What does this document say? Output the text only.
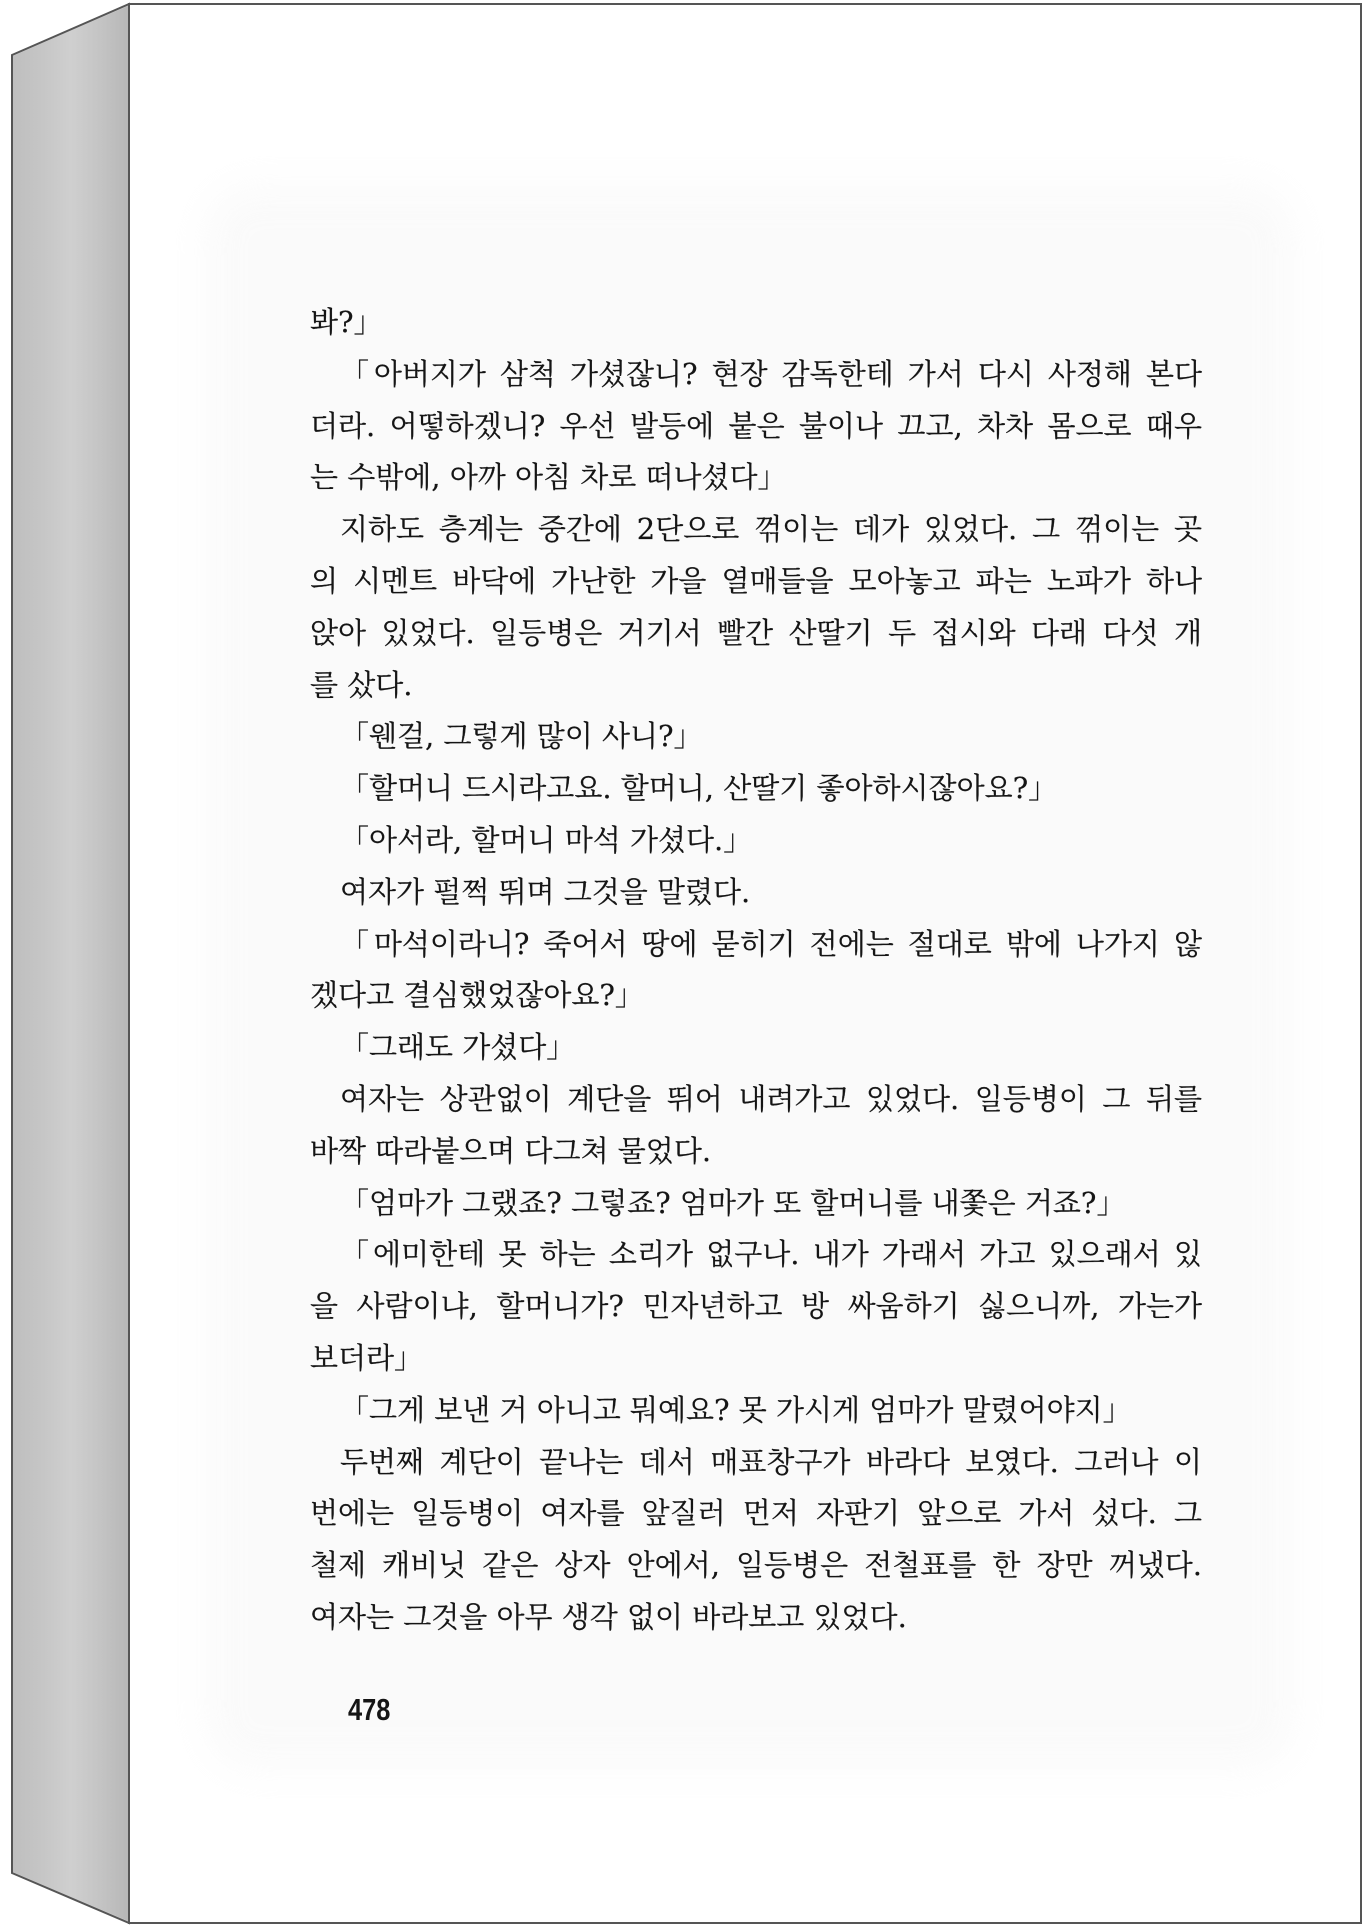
봐?」
「아버지가 삼척 가셨잖니? 현장 감독한테 가서 다시 사정해 본다
더라. 어떻하겠니? 우선 발등에 붙은 불이나 끄고, 차차 몸으로 때우
는 수밖에, 아까 아침 차로 떠나셨다」
지하도 층계는 중간에 2단으로 꺾이는 데가 있었다. 그 꺾이는 곳
의 시멘트 바닥에 가난한 가을 열매들을 모아놓고 파는 노파가 하나
앉아 있었다. 일등병은 거기서 빨간 산딸기 두 접시와 다래 다섯 개
를 샀다.
「웬걸, 그렇게 많이 사니?」
「할머니 드시라고요. 할머니, 산딸기 좋아하시잖아요?」
「아서라, 할머니 마석 가셨다.」
여자가 펄쩍 뛰며 그것을 말렸다.
「마석이라니? 죽어서 땅에 묻히기 전에는 절대로 밖에 나가지 않
겠다고 결심했었잖아요?」
「그래도 가셨다」
여자는 상관없이 계단을 뛰어 내려가고 있었다. 일등병이 그 뒤를
바짝 따라붙으며 다그쳐 물었다.
「엄마가 그랬죠? 그렇죠? 엄마가 또 할머니를 내쫓은 거죠?」
「에미한테 못 하는 소리가 없구나. 내가 가래서 가고 있으래서 있
을 사람이냐, 할머니가? 민자년하고 방 싸움하기 싫으니까, 가는가
보더라」
「그게 보낸 거 아니고 뭐예요? 못 가시게 엄마가 말렸어야지」
두번째 계단이 끝나는 데서 매표창구가 바라다 보였다. 그러나 이
번에는 일등병이 여자를 앞질러 먼저 자판기 앞으로 가서 섰다. 그
철제 캐비닛 같은 상자 안에서, 일등병은 전철표를 한 장만 꺼냈다.
여자는 그것을 아무 생각 없이 바라보고 있었다.
478
